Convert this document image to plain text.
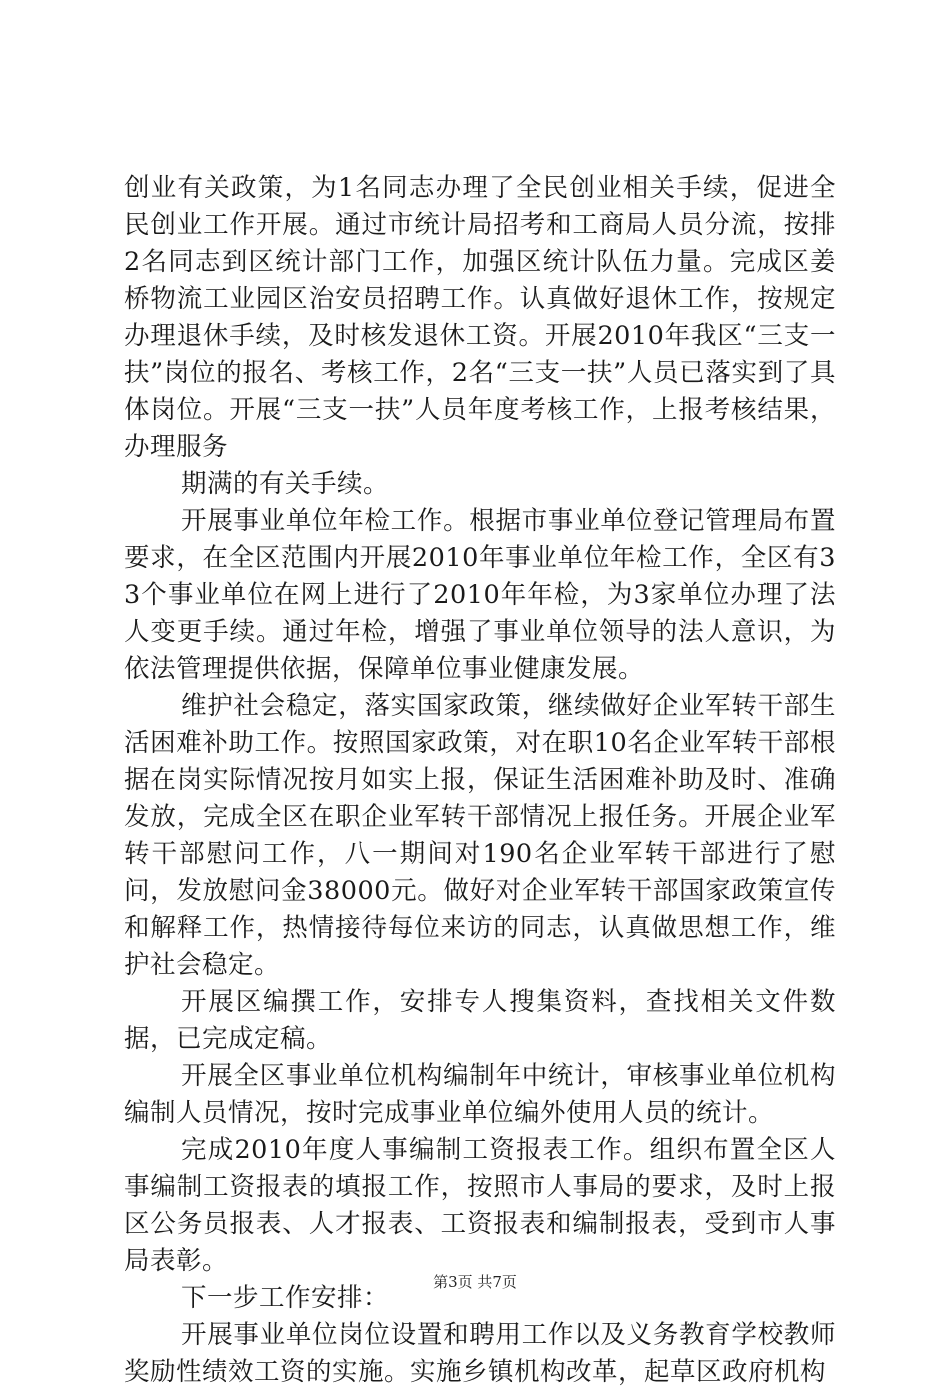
创业有关政策，为1名同志办理了全民创业相关手续，促进全民创业工作开展。通过市统计局招考和工商局人员分流，按排2名同志到区统计部门工作，加强区统计队伍力量。完成区姜桥物流工业园区治安员招聘工作。认真做好退休工作，按规定办理退休手续，及时核发退休工资。开展2010年我区“三支一扶”岗位的报名、考核工作，2名“三支一扶”人员已落实到了具体岗位。开展“三支一扶”人员年度考核工作，上报考核结果，办理服务

期满的有关手续。

开展事业单位年检工作。根据市事业单位登记管理局布置要求，在全区范围内开展2010年事业单位年检工作，全区有33个事业单位在网上进行了2010年年检，为3家单位办理了法人变更手续。通过年检，增强了事业单位领导的法人意识，为依法管理提供依据，保障单位事业健康发展。

维护社会稳定，落实国家政策，继续做好企业军转干部生活困难补助工作。按照国家政策，对在职10名企业军转干部根据在岗实际情况按月如实上报，保证生活困难补助及时、准确发放，完成全区在职企业军转干部情况上报任务。开展企业军转干部慰问工作，八一期间对190名企业军转干部进行了慰问，发放慰问金38000元。做好对企业军转干部国家政策宣传和解释工作，热情接待每位来访的同志，认真做思想工作，维护社会稳定。

开展区编撰工作，安排专人搜集资料，查找相关文件数据，已完成定稿。

开展全区事业单位机构编制年中统计，审核事业单位机构编制人员情况，按时完成事业单位编外使用人员的统计。

完成2010年度人事编制工资报表工作。组织布置全区人事编制工资报表的填报工作，按照市人事局的要求，及时上报区公务员报表、人才报表、工资报表和编制报表，受到市人事局表彰。

下一步工作安排：

开展事业单位岗位设置和聘用工作以及义务教育学校教师奖励性绩效工资的实施。实施乡镇机构改革，起草区政府机构

第3页 共7页
